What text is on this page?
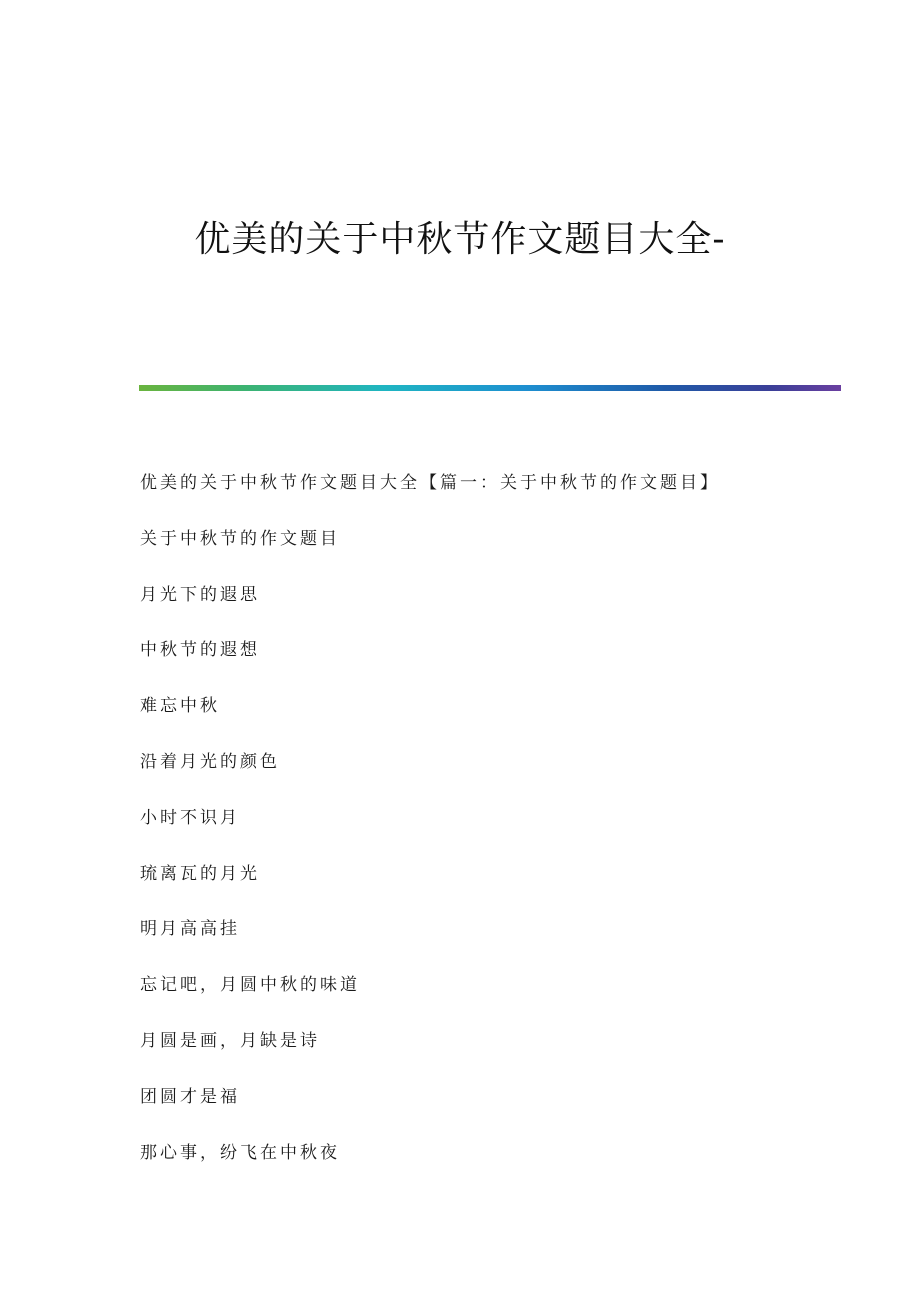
优美的关于中秋节作文题目大全-
优美的关于中秋节作文题目大全【篇一：关于中秋节的作文题目】
关于中秋节的作文题目
月光下的遐思
中秋节的遐想
难忘中秋
沿着月光的颜色
小时不识月
琉离瓦的月光
明月高高挂
忘记吧，月圆中秋的味道
月圆是画，月缺是诗
团圆才是福
那心事，纷飞在中秋夜
